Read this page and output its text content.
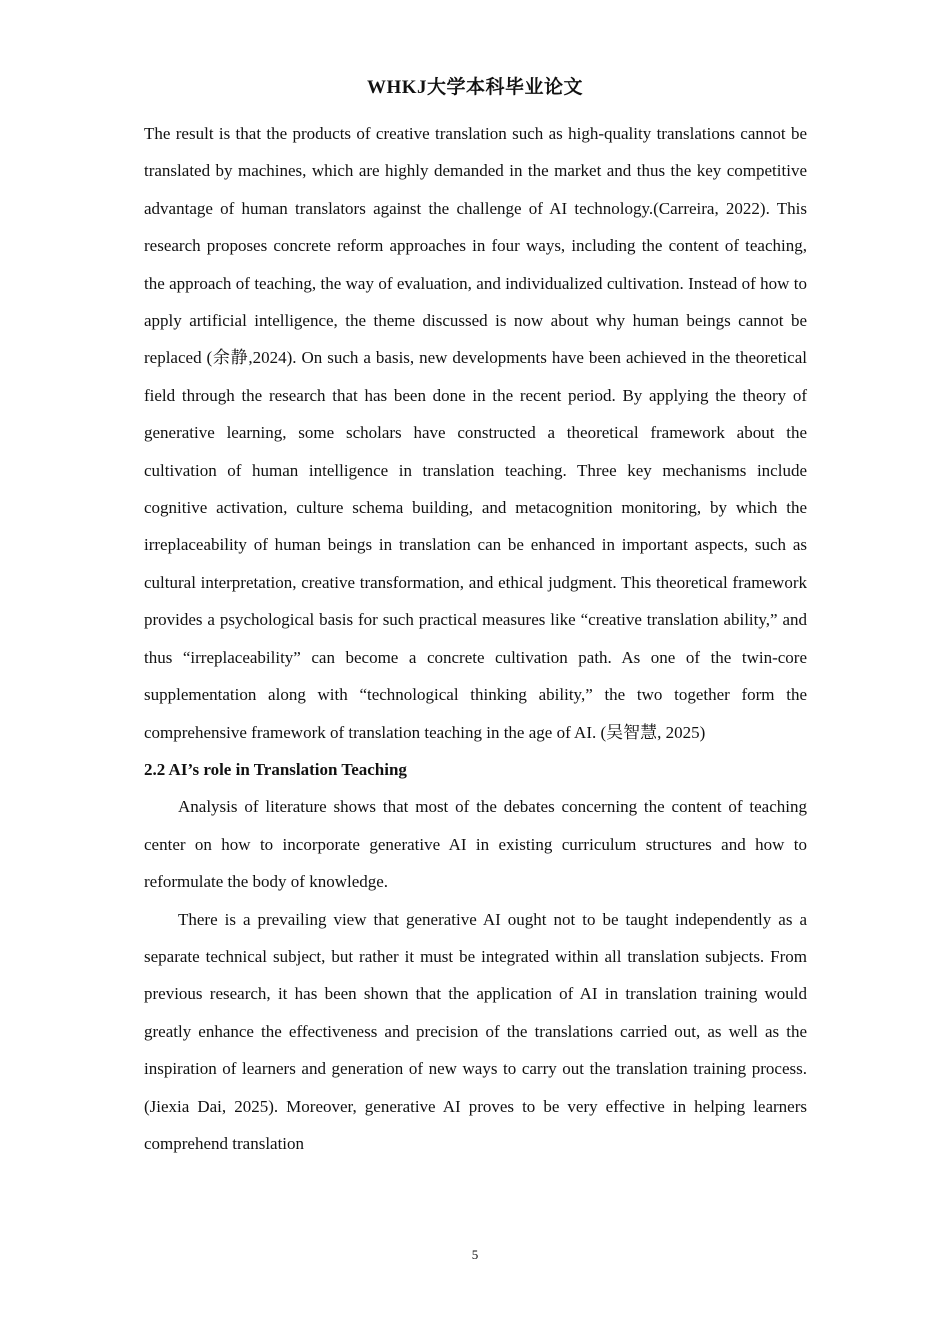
WHKJ大学本科毕业论文

The result is that the products of creative translation such as high-quality translations cannot be translated by machines, which are highly demanded in the market and thus the key competitive advantage of human translators against the challenge of AI technology.(Carreira, 2022). This research proposes concrete reform approaches in four ways, including the content of teaching, the approach of teaching, the way of evaluation, and individualized cultivation. Instead of how to apply artificial intelligence, the theme discussed is now about why human beings cannot be replaced (余静,2024). On such a basis, new developments have been achieved in the theoretical field through the research that has been done in the recent period. By applying the theory of generative learning, some scholars have constructed a theoretical framework about the cultivation of human intelligence in translation teaching. Three key mechanisms include cognitive activation, culture schema building, and metacognition monitoring, by which the irreplaceability of human beings in translation can be enhanced in important aspects, such as cultural interpretation, creative transformation, and ethical judgment. This theoretical framework provides a psychological basis for such practical measures like “creative translation ability,” and thus “irreplaceability” can become a concrete cultivation path. As one of the twin-core supplementation along with “technological thinking ability,” the two together form the comprehensive framework of translation teaching in the age of AI. (吴智慧, 2025)

2.2 AI’s role in Translation Teaching

Analysis of literature shows that most of the debates concerning the content of teaching center on how to incorporate generative AI in existing curriculum structures and how to reformulate the body of knowledge.

There is a prevailing view that generative AI ought not to be taught independently as a separate technical subject, but rather it must be integrated within all translation subjects. From previous research, it has been shown that the application of AI in translation training would greatly enhance the effectiveness and precision of the translations carried out, as well as the inspiration of learners and generation of new ways to carry out the translation training process. (Jiexia Dai, 2025). Moreover, generative AI proves to be very effective in helping learners comprehend translation

5
